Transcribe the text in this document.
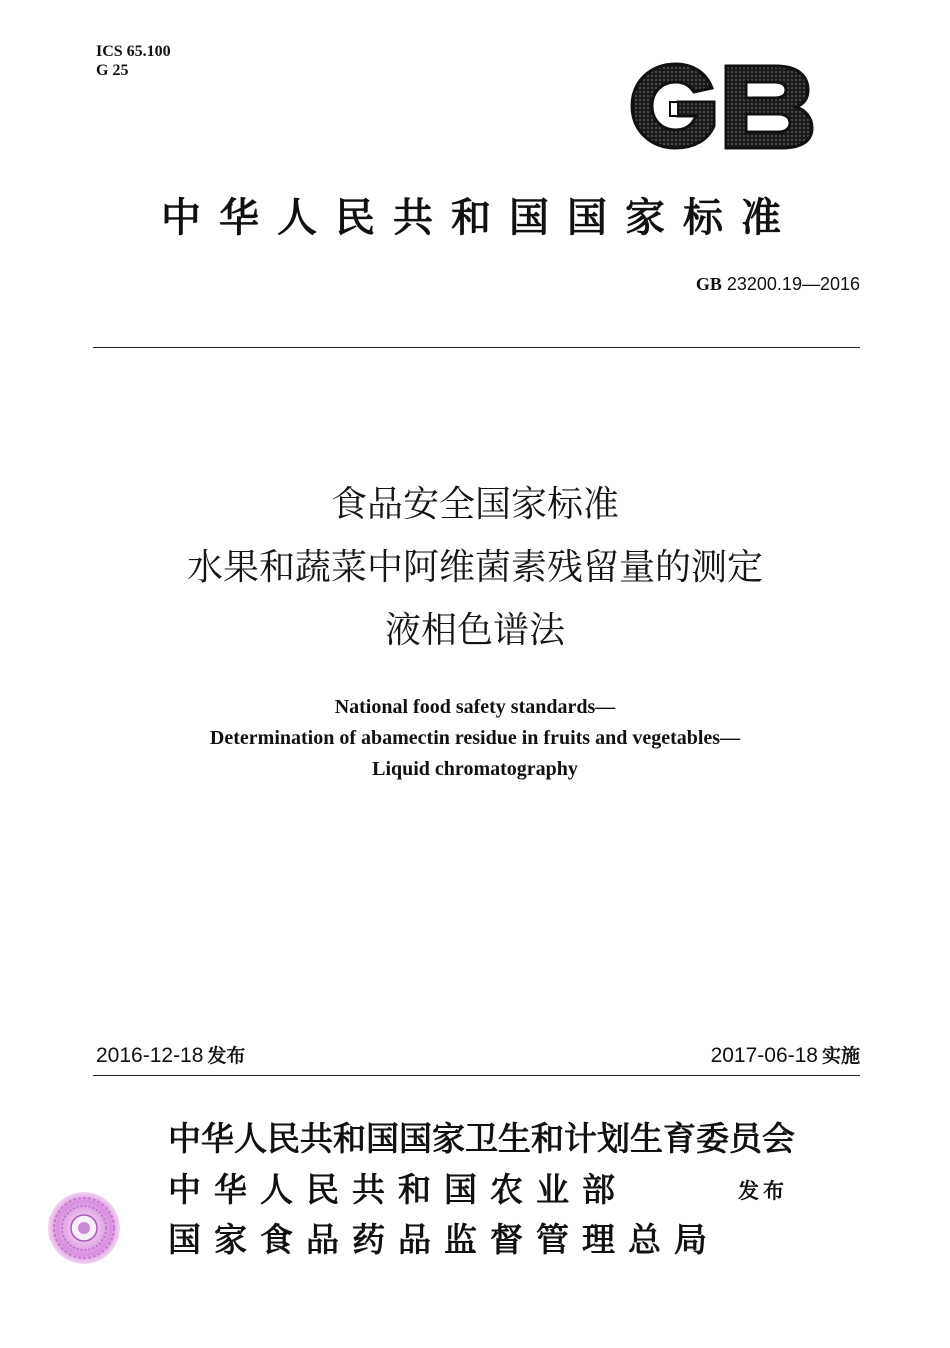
ICS 65.100
G 25
中华人民共和国国家标准
GB 23200.19—2016
食品安全国家标准
水果和蔬菜中阿维菌素残留量的测定
液相色谱法
National food safety standards—
Determination of abamectin residue in fruits and vegetables—
Liquid chromatography
2016-12-18 发布	2017-06-18 实施
中华人民共和国国家卫生和计划生育委员会
中华人民共和国农业部
国家食品药品监督管理总局
发布
